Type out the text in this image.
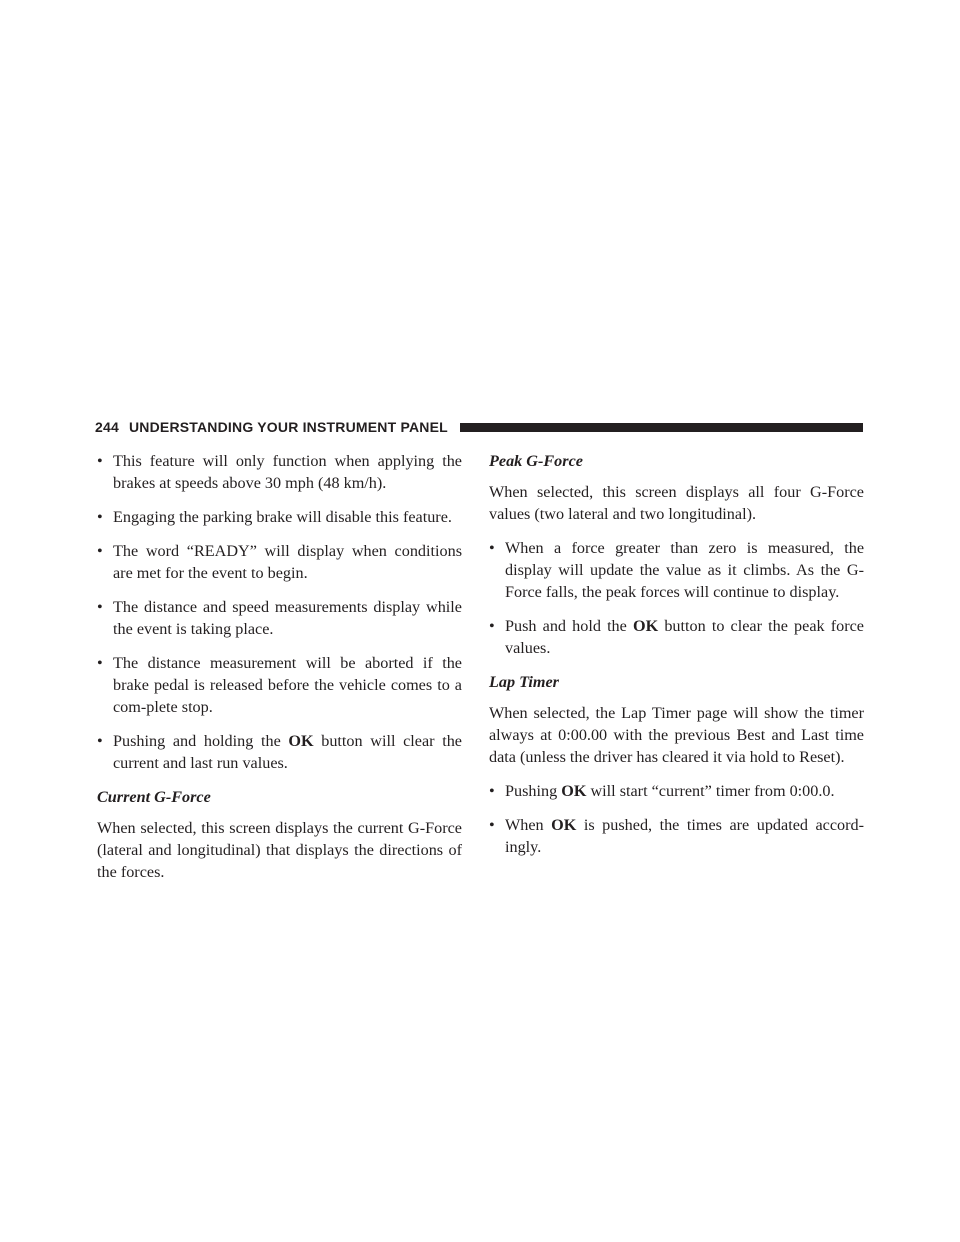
244 UNDERSTANDING YOUR INSTRUMENT PANEL
• This feature will only function when applying the brakes at speeds above 30 mph (48 km/h).
• Engaging the parking brake will disable this feature.
• The word “READY” will display when conditions are met for the event to begin.
• The distance and speed measurements display while the event is taking place.
• The distance measurement will be aborted if the brake pedal is released before the vehicle comes to a com-plete stop.
• Pushing and holding the OK button will clear the current and last run values.
Current G-Force
When selected, this screen displays the current G-Force (lateral and longitudinal) that displays the directions of the forces.
Peak G-Force
When selected, this screen displays all four G-Force values (two lateral and two longitudinal).
• When a force greater than zero is measured, the display will update the value as it climbs. As the G-Force falls, the peak forces will continue to display.
• Push and hold the OK button to clear the peak force values.
Lap Timer
When selected, the Lap Timer page will show the timer always at 0:00.00 with the previous Best and Last time data (unless the driver has cleared it via hold to Reset).
• Pushing OK will start “current” timer from 0:00.0.
• When OK is pushed, the times are updated accord-ingly.
